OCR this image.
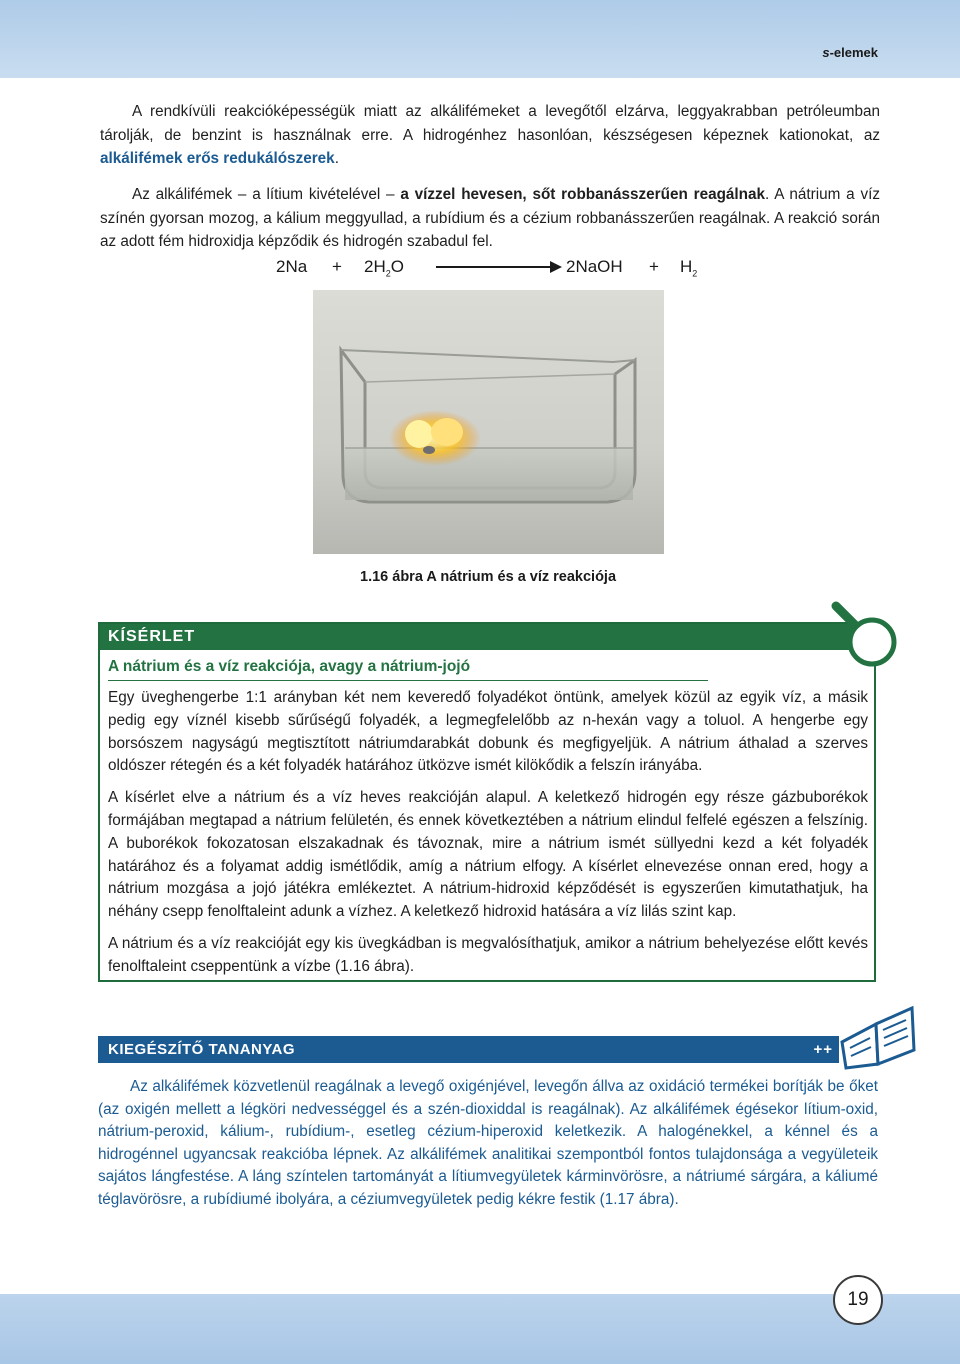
s-elemek

A rendkívüli reakcióképességük miatt az alkálifémeket a levegőtől elzárva, leggyakrabban petróleumban tárolják, de benzint is használnak erre. A hidrogénhez hasonlóan, készségesen képeznek kationokat, az alkálifémek erős redukálószerek.

Az alkálifémek – a lítium kivételével – a vízzel hevesen, sőt robbanásszerűen reagálnak. A nátrium a víz színén gyorsan mozog, a kálium meggyullad, a rubídium és a cézium robbanásszerűen reagálnak. A reakció során az adott fém hidroxidja képződik és hidrogén szabadul fel.

$2Na + 2H_2O$	2NaOH + $H_2$
1.16 ábra A nátrium és a víz reakciója
KÍSÉRLET
A nátrium és a víz reakciója, avagy a nátrium-jojó

Egy üveghengerbe 1:1 arányban két nem keveredő folyadékot öntünk, amelyek közül az egyik víz, a másik pedig egy víznél kisebb sűrűségű folyadék, a legmegfelelőbb az n-hexán vagy a toluol. A hengerbe egy borsószem nagyságú megtisztított nátriumdarabkát dobunk és megfigyeljük. A nátrium áthalad a szerves oldószer rétegén és a két folyadék határához ütközve ismét kilökődik a felszín irányába.

A kísérlet elve a nátrium és a víz heves reakcióján alapul. A keletkező hidrogén egy része gázbuborékok formájában megtapad a nátrium felületén, és ennek következtében a nátrium elindul felfelé egészen a felszínig. A buborékok fokozatosan elszakadnak és távoznak, mire a nátrium ismét süllyedni kezd a két folyadék határához és a folyamat addig ismétlődik, amíg a nátrium elfogy. A kísérlet elnevezése onnan ered, hogy a nátrium mozgása a jojó játékra emlékeztet. A nátrium-hidroxid képződését is egyszerűen kimutathatjuk, ha néhány csepp fenolftaleint adunk a vízhez. A keletkező hidroxid hatására a víz lilás szint kap.

A nátrium és a víz reakcióját egy kis üvegkádban is megvalósíthatjuk, amikor a nátrium behelyezése előtt kevés fenolftaleint cseppentünk a vízbe (1.16 ábra).

KIEGÉSZÍTŐ TANANYAG	++

Az alkálifémek közvetlenül reagálnak a levegő oxigénjével, levegőn állva az oxidáció termékei borítják be őket (az oxigén mellett a légköri nedvességgel és a szén-dioxiddal is reagálnak). Az alkálifémek égésekor lítium-oxid, nátrium-peroxid, kálium-, rubídium-, esetleg cézium-hiperoxid keletkezik. A halogénekkel, a kénnel és a hidrogénnel ugyancsak reakcióba lépnek. Az alkálifémek analitikai szempontból fontos tulajdonsága a vegyületeik sajátos lángfestése. A láng színtelen tartományát a lítiumvegyületek kárminvörösre, a nátriumé sárgára, a káliumé téglavörösre, a rubídiumé ibolyára, a céziumvegyületek pedig kékre festik (1.17 ábra).

19
